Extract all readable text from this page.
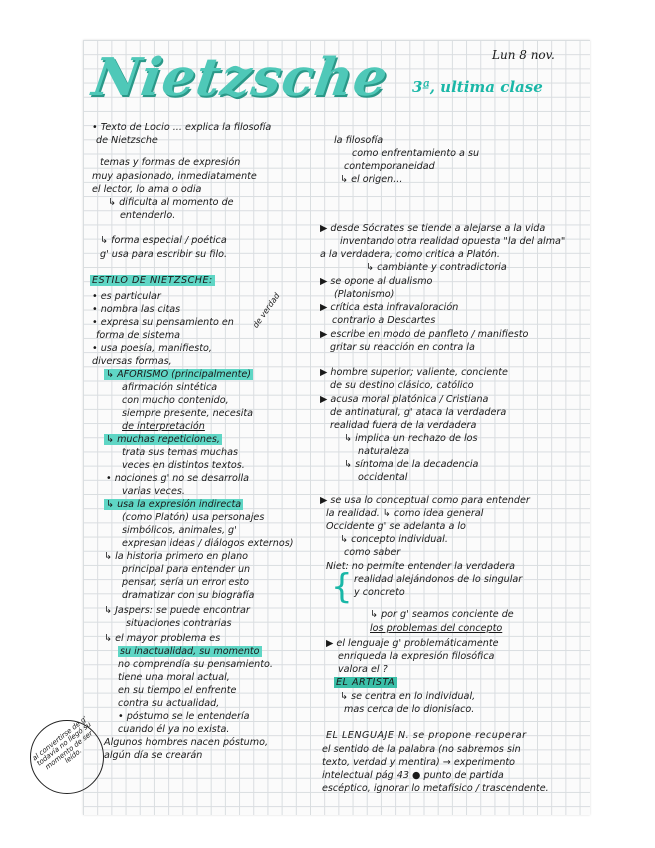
Nietzsche	Lun 8 nov.
3ª, ultima clase
• Texto de Locio ... explica la filosofía
de Nietzsche
temas y formas de expresión
muy apasionado, inmediatamente
el lector, lo ama o odia
↳ dificulta al momento de
entenderlo.
↳ forma especial / poética
g' usa para escribir su filo.
ESTILO DE NIETZSCHE:
• es particular
• nombra las citas
• expresa su pensamiento en
forma de sistema
• usa poesía, manifiesto,
diversas formas,
↳ AFORISMO (principalmente)
afirmación sintética
con mucho contenido,
siempre presente, necesita
de interpretación
↳ muchas repeticiones,
trata sus temas muchas
veces en distintos textos.
• nociones g' no se desarrolla
varias veces.
↳ usa la expresión indirecta
(como Platón) usa personajes
simbólicos, animales, g'
expresan ideas / diálogos externos)
↳ la historia primero en plano
principal para entender un
pensar, sería un error esto
dramatizar con su biografía
↳ Jaspers: se puede encontrar
situaciones contrarias
↳ el mayor problema es
su inactualidad, su momento
no comprendía su pensamiento.
tiene una moral actual,
en su tiempo el enfrente
contra su actualidad,
• póstumo se le entendería
cuando él ya no exista.
Algunos hombres nacen póstumo,
algún día se crearán
la filosofía
como enfrentamiento a su
contemporaneidad
↳ el origen...
▶ desde Sócrates se tiende a alejarse a la vida
inventando otra realidad opuesta "la del alma"
a la verdadera, como critica a Platón.
↳ cambiante y contradictoria
▶ se opone al dualismo
(Platonismo)
▶ crítica esta infravaloración
contrario a Descartes
▶ escribe en modo de panfleto / manifiesto
gritar su reacción en contra la
▶ hombre superior; valiente, conciente
de su destino clásico, católico
▶ acusa moral platónica / Cristiana
de antinatural, g' ataca la verdadera
realidad fuera de la verdadera
↳ implica un rechazo de los
naturaleza
↳ síntoma de la decadencia
occidental
▶ se usa lo conceptual como para entender
la realidad. ↳ como idea general
Occidente g' se adelanta a lo
↳ concepto individual.
como saber
Niet: no permite entender la verdadera
realidad alejándonos de lo singular
y concreto
{
↳ por g' seamos conciente de
los problemas del concepto
▶ el lenguaje g' problemáticamente
enriqueda la expresión filosófica
valora el ?
EL ARTISTA
↳ se centra en lo individual,
mas cerca de lo dionisíaco.
EL LENGUAJE N. se propone recuperar
el sentido de la palabra (no sabremos sin
texto, verdad y mentira) → experimento
intelectual pág 43 ● punto de partida
escéptico, ignorar lo metafísico / trascendente.
al convertirse de g' todavía no llegó su momento de ser leído.
de verdad
